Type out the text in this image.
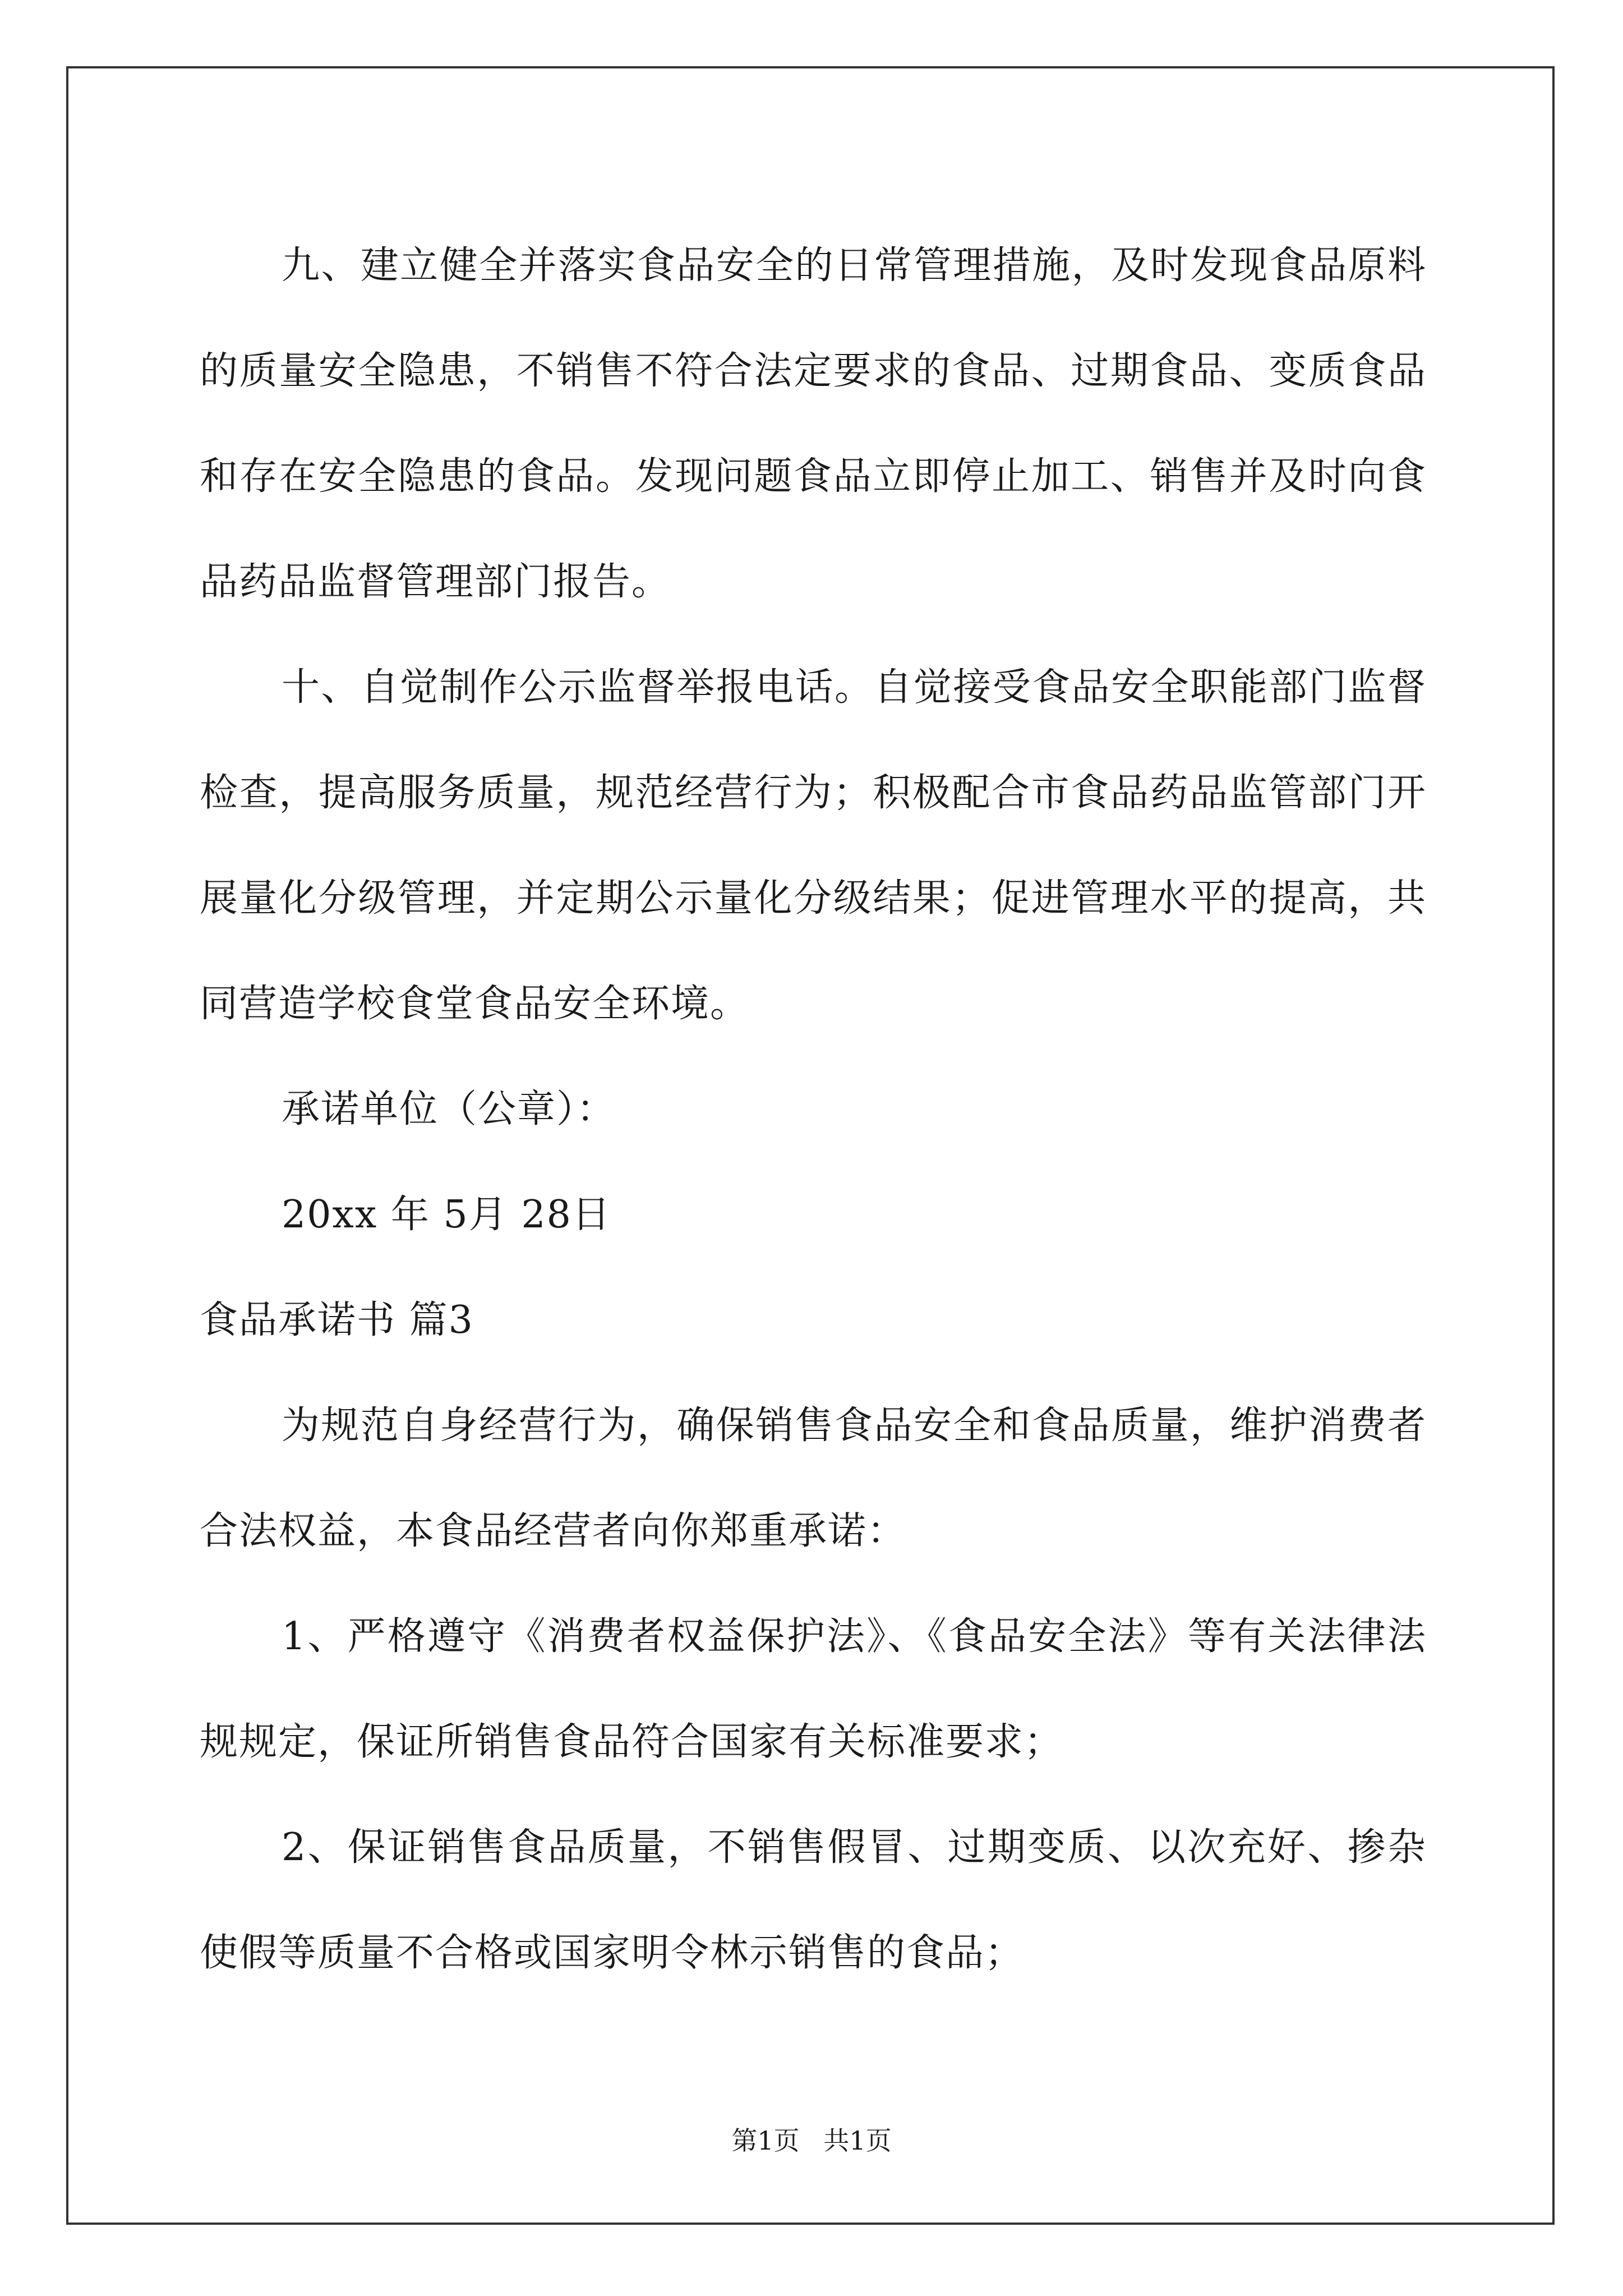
九、建立健全并落实食品安全的日常管理措施，及时发现食品原料的质量安全隐患，不销售不符合法定要求的食品、过期食品、变质食品和存在安全隐患的食品。发现问题食品立即停止加工、销售并及时向食品药品监督管理部门报告。

十、自觉制作公示监督举报电话。自觉接受食品安全职能部门监督检查，提高服务质量，规范经营行为；积极配合市食品药品监管部门开展量化分级管理，并定期公示量化分级结果；促进管理水平的提高，共同营造学校食堂食品安全环境。

承诺单位（公章）：

20xx 年 5月 28日

食品承诺书 篇3

为规范自身经营行为，确保销售食品安全和食品质量，维护消费者合法权益，本食品经营者向你郑重承诺：

1、严格遵守《消费者权益保护法》、《食品安全法》等有关法律法规规定，保证所销售食品符合国家有关标准要求；

2、保证销售食品质量，不销售假冒、过期变质、以次充好、掺杂使假等质量不合格或国家明令林示销售的食品；

第1页 共1页
